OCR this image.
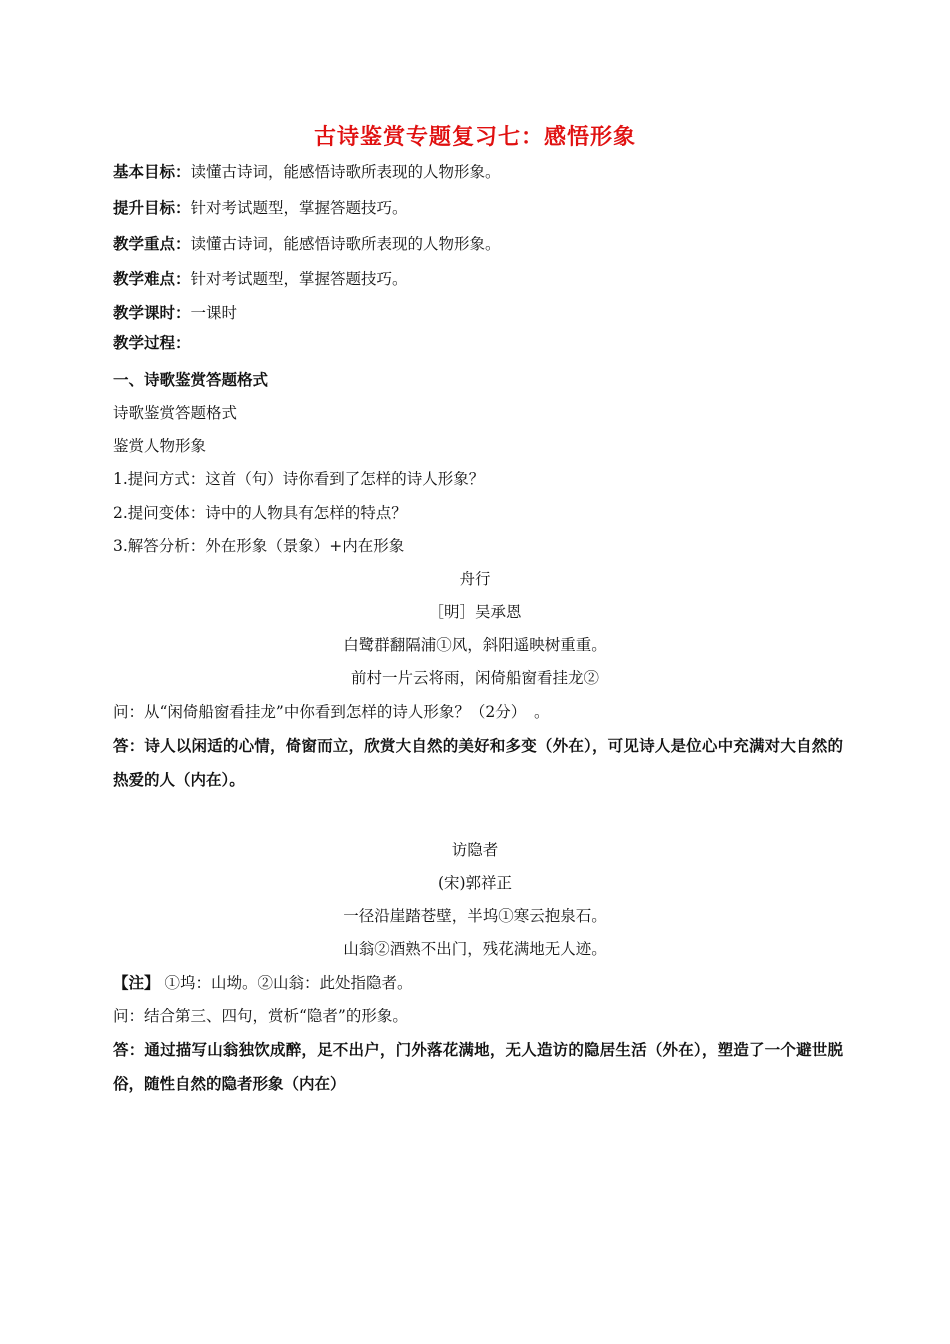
古诗鉴赏专题复习七：感悟形象
基本目标：读懂古诗词，能感悟诗歌所表现的人物形象。
提升目标：针对考试题型，掌握答题技巧。
教学重点：读懂古诗词，能感悟诗歌所表现的人物形象。
教学难点：针对考试题型，掌握答题技巧。
教学课时：一课时
教学过程：
一、诗歌鉴赏答题格式
诗歌鉴赏答题格式
鉴赏人物形象
1.提问方式：这首（句）诗你看到了怎样的诗人形象？
2.提问变体：诗中的人物具有怎样的特点？
3.解答分析：外在形象（景象）+内在形象
舟行
［明］吴承恩
白鹭群翻隔浦①风，斜阳遥映树重重。
前村一片云将雨，闲倚船窗看挂龙②
问：从“闲倚船窗看挂龙”中你看到怎样的诗人形象？（2分）　。
答：诗人以闲适的心情，倚窗而立，欣赏大自然的美好和多变（外在），可见诗人是位心中充满对大自然的热爱的人（内在）。
访隐者
(宋)郭祥正
一径沿崖踏苍壁，半坞①寒云抱泉石。
山翁②酒熟不出门，残花满地无人迹。
【注】 ①坞：山坳。②山翁：此处指隐者。
问：结合第三、四句，赏析“隐者”的形象。
答：通过描写山翁独饮成醉，足不出户，门外落花满地，无人造访的隐居生活（外在），塑造了一个避世脱俗，随性自然的隐者形象（内在）
